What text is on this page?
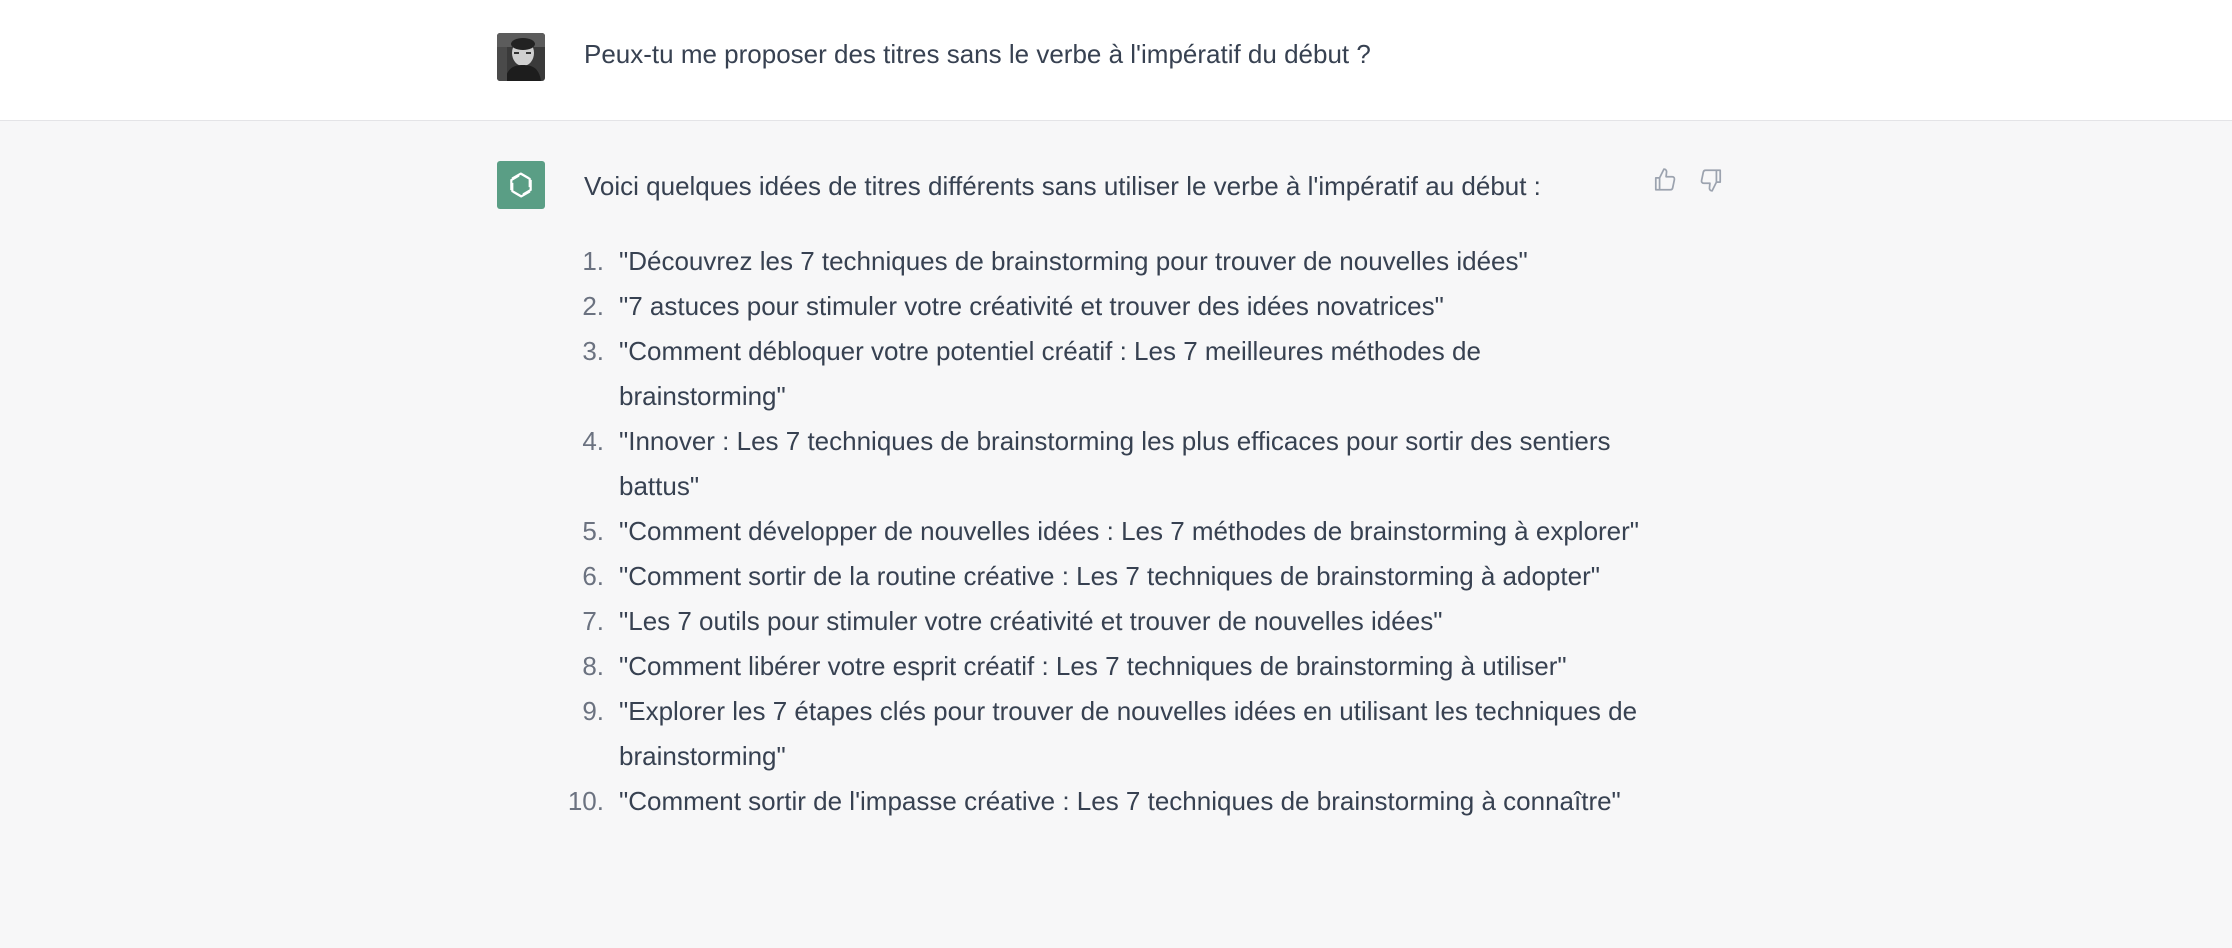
Peux-tu me proposer des titres sans le verbe à l'impératif du début ?
Voici quelques idées de titres différents sans utiliser le verbe à l'impératif au début :
1. "Découvrez les 7 techniques de brainstorming pour trouver de nouvelles idées"
2. "7 astuces pour stimuler votre créativité et trouver des idées novatrices"
3. "Comment débloquer votre potentiel créatif : Les 7 meilleures méthodes de brainstorming"
4. "Innover : Les 7 techniques de brainstorming les plus efficaces pour sortir des sentiers battus"
5. "Comment développer de nouvelles idées : Les 7 méthodes de brainstorming à explorer"
6. "Comment sortir de la routine créative : Les 7 techniques de brainstorming à adopter"
7. "Les 7 outils pour stimuler votre créativité et trouver de nouvelles idées"
8. "Comment libérer votre esprit créatif : Les 7 techniques de brainstorming à utiliser"
9. "Explorer les 7 étapes clés pour trouver de nouvelles idées en utilisant les techniques de brainstorming"
10. "Comment sortir de l'impasse créative : Les 7 techniques de brainstorming à connaître"
